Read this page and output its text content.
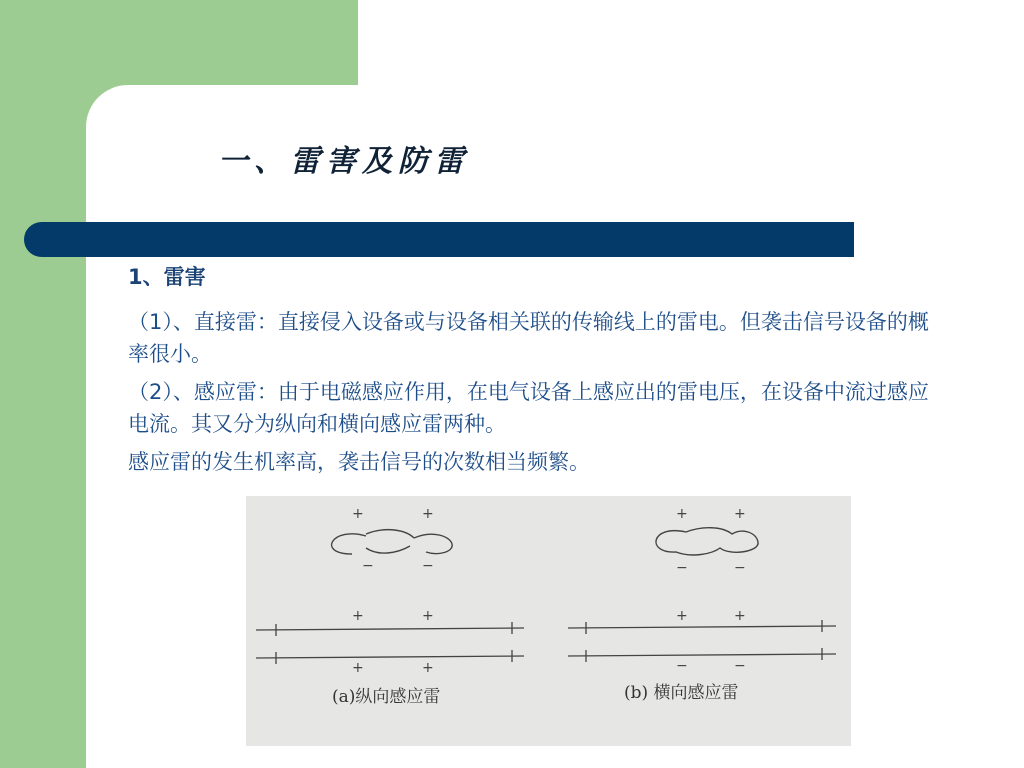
一、雷害及防雷
1、雷害

（1）、直接雷：直接侵入设备或与设备相关联的传输线上的雷电。但袭击信号设备的概率很小。

（2）、感应雷：由于电磁感应作用，在电气设备上感应出的雷电压，在设备中流过感应电流。其又分为纵向和横向感应雷两种。

感应雷的发生机率高，袭击信号的次数相当频繁。

+	+
−	−
+	+
+	+
(a)纵向感应雷
+	+
−	−
+	+
−	−
(b) 横向感应雷
